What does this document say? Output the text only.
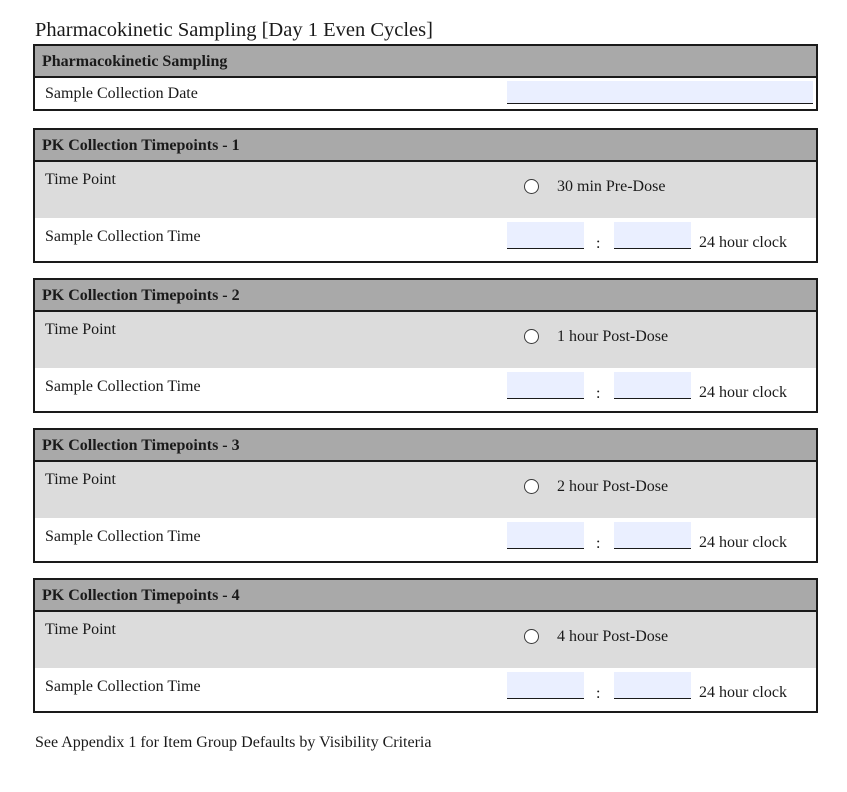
Pharmacokinetic Sampling [Day 1 Even Cycles]
Pharmacokinetic Sampling
Sample Collection Date
PK Collection Timepoints - 1
Time Point	30 min Pre-Dose
Sample Collection Time	:	24 hour clock
PK Collection Timepoints - 2
Time Point	1 hour Post-Dose
Sample Collection Time	:	24 hour clock
PK Collection Timepoints - 3
Time Point	2 hour Post-Dose
Sample Collection Time	:	24 hour clock
PK Collection Timepoints - 4
Time Point	4 hour Post-Dose
Sample Collection Time	:	24 hour clock
See Appendix 1 for Item Group Defaults by Visibility Criteria
